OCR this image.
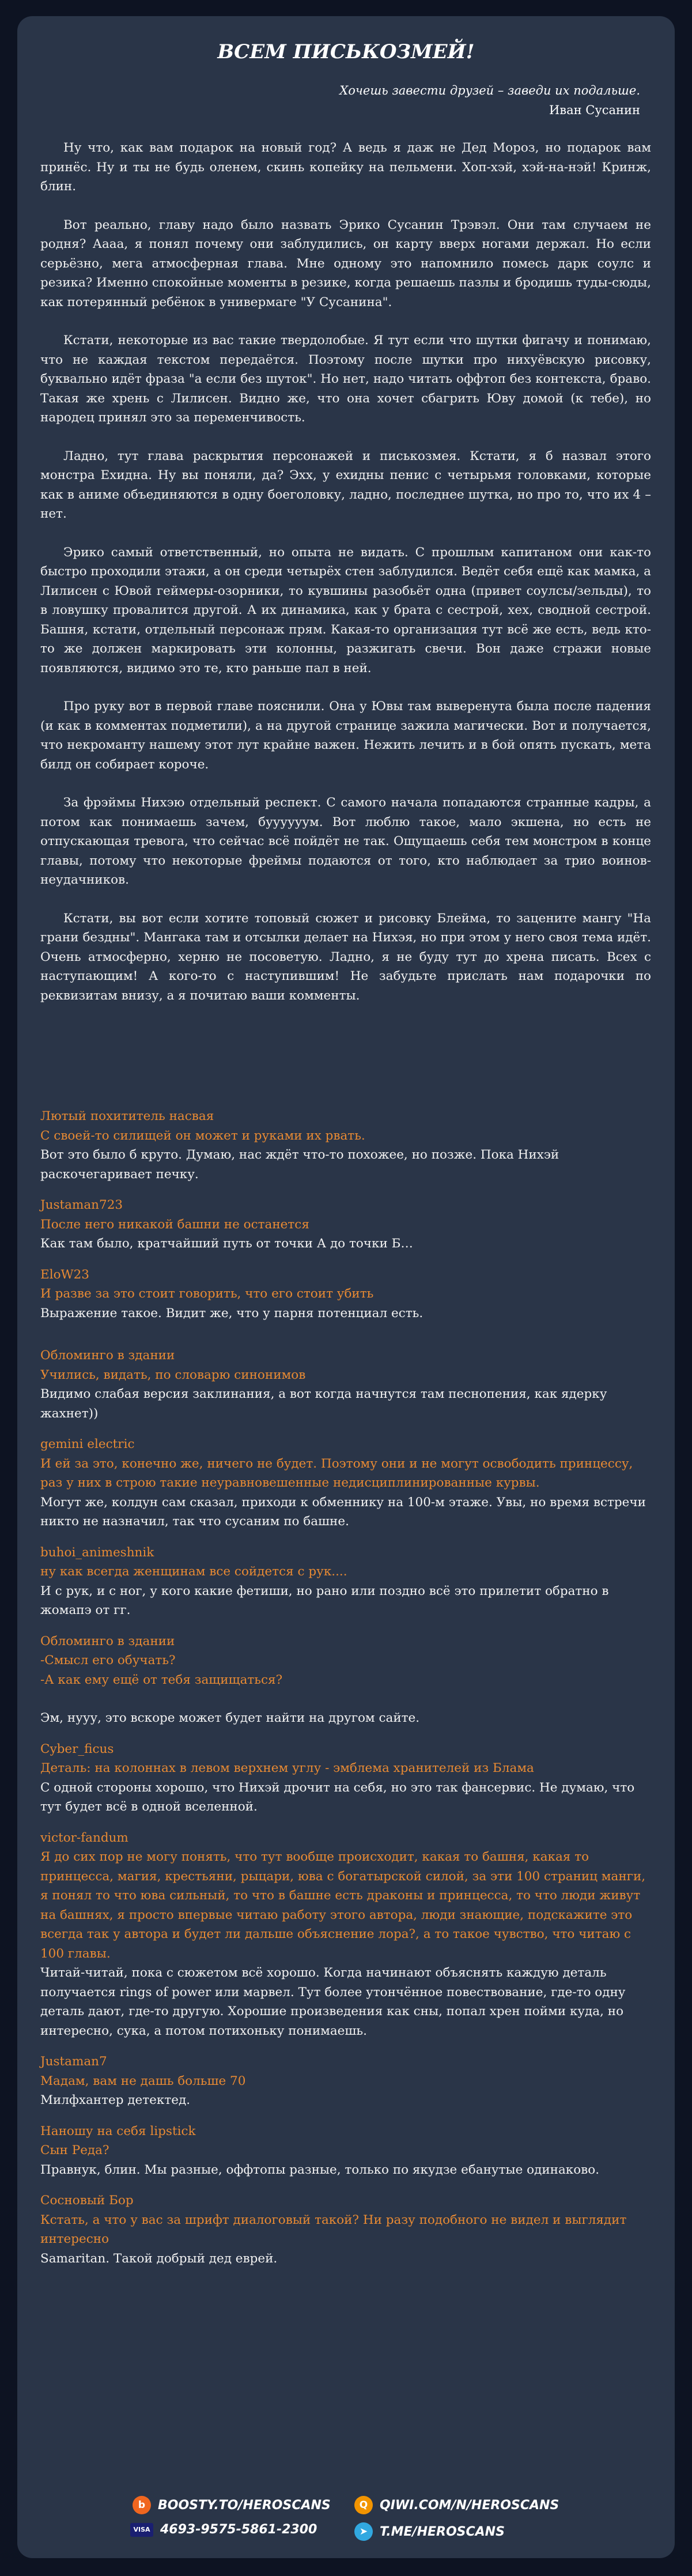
ВСЕМ ПИСЬКОЗМЕЙ!
Хочешь завести друзей – заведи их подальше.
Иван Сусанин

Ну что, как вам подарок на новый год? А ведь я даж не Дед Мороз, но подарок вам принёс. Ну и ты не будь оленем, скинь копейку на пельмени. Хоп-хэй, хэй-на-нэй! Кринж, блин.

Вот реально, главу надо было назвать Эрико Сусанин Трэвэл. Они там случаем не родня? Аааа, я понял почему они заблудились, он карту вверх ногами держал. Но если серьёзно, мега атмосферная глава. Мне одному это напомнило помесь дарк соулс и резика? Именно спокойные моменты в резике, когда решаешь пазлы и бродишь туды-сюды, как потерянный ребёнок в универмаге "У Сусанина".

Кстати, некоторые из вас такие твердолобые. Я тут если что шутки фигачу и понимаю, что не каждая текстом передаётся. Поэтому после шутки про нихуёвскую рисовку, буквально идёт фраза "а если без шуток". Но нет, надо читать оффтоп без контекста, браво. Такая же хрень с Лилисен. Видно же, что она хочет сбагрить Юву домой (к тебе), но народец принял это за переменчивость.

Ладно, тут глава раскрытия персонажей и писькозмея. Кстати, я б назвал этого монстра Ехидна. Ну вы поняли, да? Эхх, у ехидны пенис с четырьмя головками, которые как в аниме объединяются в одну боеголовку, ладно, последнее шутка, но про то, что их 4 – нет.

Эрико самый ответственный, но опыта не видать. С прошлым капитаном они как-то быстро проходили этажи, а он среди четырёх стен заблудился. Ведёт себя ещё как мамка, а Лилисен с Ювой геймеры-озорники, то кувшины разобьёт одна (привет соулсы/зельды), то в ловушку провалится другой. А их динамика, как у брата с сестрой, хех, сводной сестрой. Башня, кстати, отдельный персонаж прям. Какая-то организация тут всё же есть, ведь кто-то же должен маркировать эти колонны, разжигать свечи. Вон даже стражи новые появляются, видимо это те, кто раньше пал в ней.

Про руку вот в первой главе пояснили. Она у Ювы там выверенута была после падения (и как в комментах подметили), а на другой странице зажила магически. Вот и получается, что некроманту нашему этот лут крайне важен. Нежить лечить и в бой опять пускать, мета билд он собирает короче.

За фрэймы Нихэю отдельный респект. С самого начала попадаются странные кадры, а потом как понимаешь зачем, буууууум. Вот люблю такое, мало экшена, но есть не отпускающая тревога, что сейчас всё пойдёт не так. Ощущаешь себя тем монстром в конце главы, потому что некоторые фреймы подаются от того, кто наблюдает за трио воинов-неудачников.

Кстати, вы вот если хотите топовый сюжет и рисовку Блейма, то зацените мангу "На грани бездны". Мангака там и отсылки делает на Нихэя, но при этом у него своя тема идёт. Очень атмосферно, херню не посоветую. Ладно, я не буду тут до хрена писать. Всех с наступающим! А кого-то с наступившим! Не забудьте прислать нам подарочки по реквизитам внизу, а я почитаю ваши комменты.

Лютый похититель насвая
С своей-то силищей он может и руками их рвать.
Вот это было б круто. Думаю, нас ждёт что-то похожее, но позже. Пока Нихэй раскочегаривает печку.
Justaman723
После него никакой башни не останется
Как там было, кратчайший путь от точки А до точки Б…
EloW23
И разве за это стоит говорить, что его стоит убить
Выражение такое. Видит же, что у парня потенциал есть.
Обломинго в здании
Учились, видать, по словарю синонимов
Видимо слабая версия заклинания, а вот когда начнутся там песнопения, как ядерку жахнет))
gemini electric
И ей за это, конечно же, ничего не будет. Поэтому они и не могут освободить принцессу, раз у них в строю такие неуравновешенные недисциплинированные курвы.
Могут же, колдун сам сказал, приходи к обменнику на 100-м этаже. Увы, но время встречи никто не назначил, так что сусаним по башне.
buhoi_animeshnik
ну как всегда женщинам все сойдется с рук....
И с рук, и с ног, у кого какие фетиши, но рано или поздно всё это прилетит обратно в жомапэ от гг.
Обломинго в здании
-Смысл его обучать?
-А как ему ещё от тебя защищаться?
Эм, нууу, это вскоре может будет найти на другом сайте.
Cyber_ficus
Деталь: на колоннах в левом верхнем углу - эмблема хранителей из Блама
С одной стороны хорошо, что Нихэй дрочит на себя, но это так фансервис. Не думаю, что тут будет всё в одной вселенной.
victor-fandum
Я до сих пор не могу понять, что тут вообще происходит, какая то башня, какая то принцесса, магия, крестьяни, рыцари, юва с богатырской силой, за эти 100 страниц манги, я понял то что юва сильный, то что в башне есть драконы и принцесса, то что люди живут на башнях, я просто впервые читаю работу этого автора, люди знающие, подскажите это всегда так у автора и будет ли дальше объяснение лора?, а то такое чувство, что читаю с 100 главы.
Читай-читай, пока с сюжетом всё хорошо. Когда начинают объяснять каждую деталь получается rings of power или марвел. Тут более утончённое повествование, где-то одну деталь дают, где-то другую. Хорошие произведения как сны, попал хрен пойми куда, но интересно, сука, а потом потихоньку понимаешь.
Justaman7
Мадам, вам не дашь больше 70
Милфхантер детектед.
Наношу на себя lipstick
Сын Реда?
Правнук, блин. Мы разные, оффтопы разные, только по якудзе ебанутые одинаково.
Сосновый Бор
Кстать, а что у вас за шрифт диалоговый такой? Ни разу подобного не видел и выглядит интересно
Samaritan. Такой добрый дед еврей.
b BOOSTY.TO/HEROSCANS	Q QIWI.COM/N/HEROSCANS
VISA 4693-9575-5861-2300	➤ T.ME/HEROSCANS
